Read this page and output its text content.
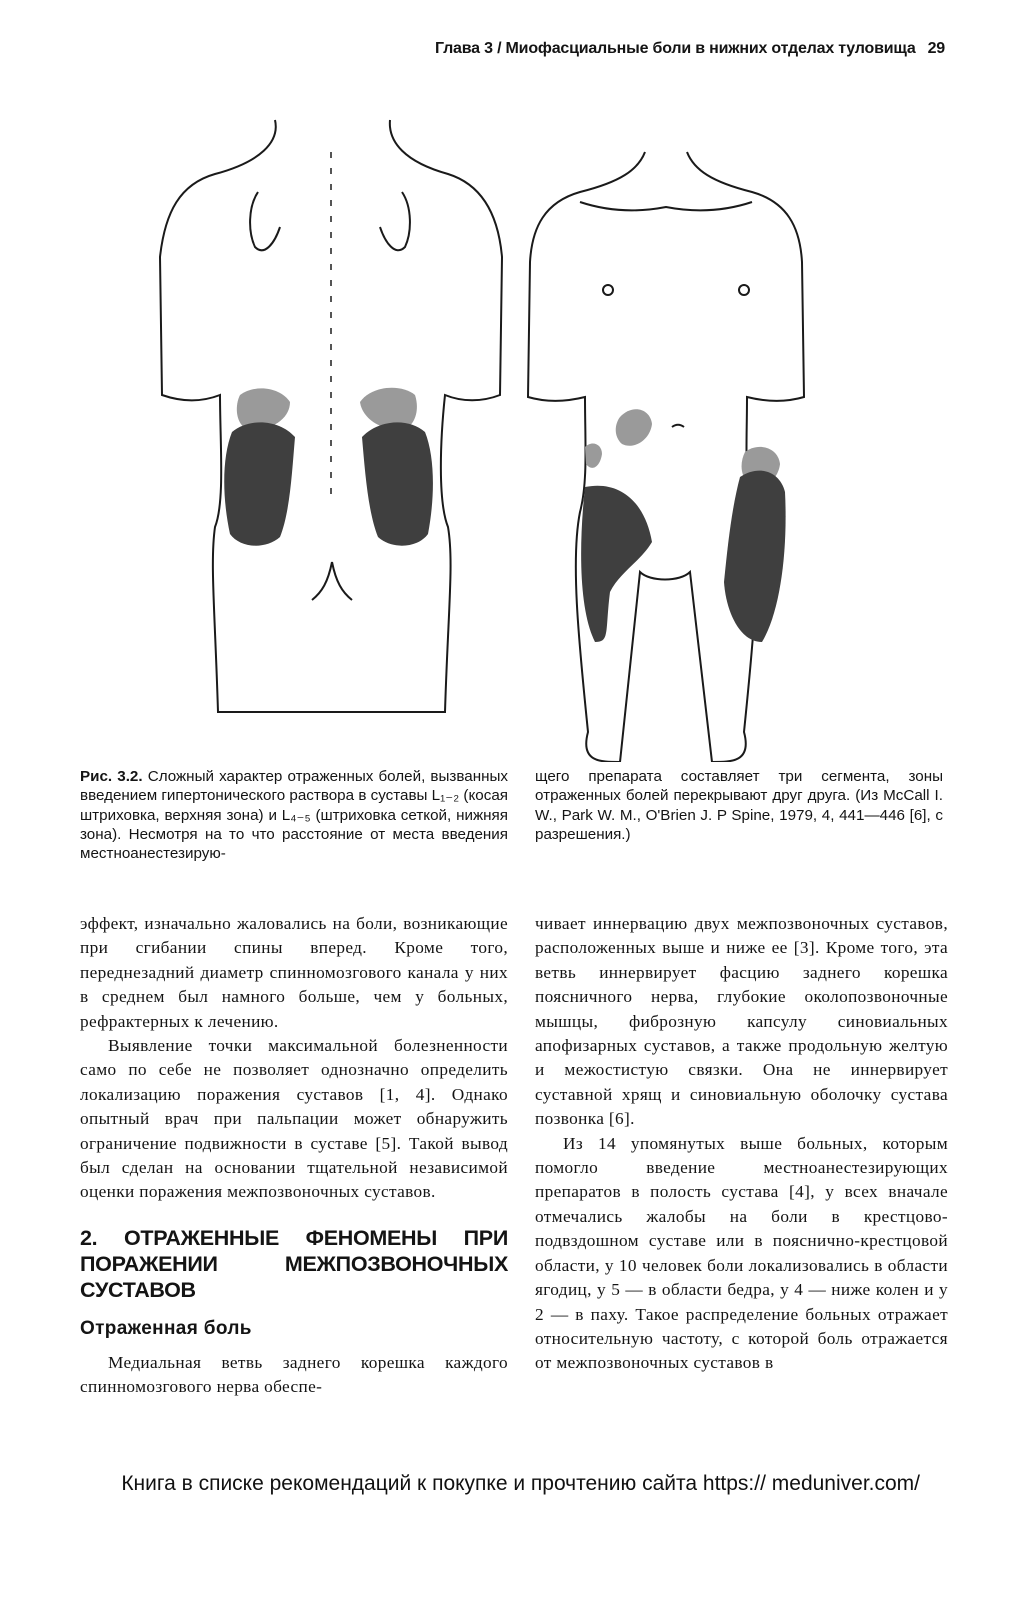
Глава 3 / Миофасциальные боли в нижних отделах туловища 29
Рис. 3.2. Сложный характер отраженных болей, вызванных введением гипертонического раствора в суставы L₁₋₂ (косая штриховка, верхняя зона) и L₄₋₅ (штриховка сеткой, нижняя зона). Несмотря на то что расстояние от места введения местноанестезирую-
щего препарата составляет три сегмента, зоны отраженных болей перекрывают друг друга. (Из McCall I. W., Park W. M., O'Brien J. P Spine, 1979, 4, 441—446 [6], с разрешения.)

эффект, изначально жаловались на боли, возникающие при сгибании спины вперед. Кроме того, переднезадний диаметр спинномозгового канала у них в среднем был намного больше, чем у больных, рефрактерных к лечению.

Выявление точки максимальной болезненности само по себе не позволяет однозначно определить локализацию поражения суставов [1, 4]. Однако опытный врач при пальпации может обнаружить ограничение подвижности в суставе [5]. Такой вывод был сделан на основании тщательной независимой оценки поражения межпозвоночных суставов.

2. ОТРАЖЕННЫЕ ФЕНОМЕНЫ ПРИ ПОРАЖЕНИИ МЕЖПОЗВОНОЧНЫХ СУСТАВОВ
Отраженная боль

Медиальная ветвь заднего корешка каждого спинномозгового нерва обеспе-

чивает иннервацию двух межпозвоночных суставов, расположенных выше и ниже ее [3]. Кроме того, эта ветвь иннервирует фасцию заднего корешка поясничного нерва, глубокие околопозвоночные мышцы, фиброзную капсулу синовиальных апофизарных суставов, а также продольную желтую и межостистую связки. Она не иннервирует суставной хрящ и синовиальную оболочку сустава позвонка [6].

Из 14 упомянутых выше больных, которым помогло введение местноанестезирующих препаратов в полость сустава [4], у всех вначале отмечались жалобы на боли в крестцово-подвздошном суставе или в пояснично-крестцовой области, у 10 человек боли локализовались в области ягодиц, у 5 — в области бедра, у 4 — ниже колен и у 2 — в паху. Такое распределение больных отражает относительную частоту, с которой боль отражается от межпозвоночных суставов в

Книга в списке рекомендаций к покупке и прочтению сайта https:// meduniver.com/
